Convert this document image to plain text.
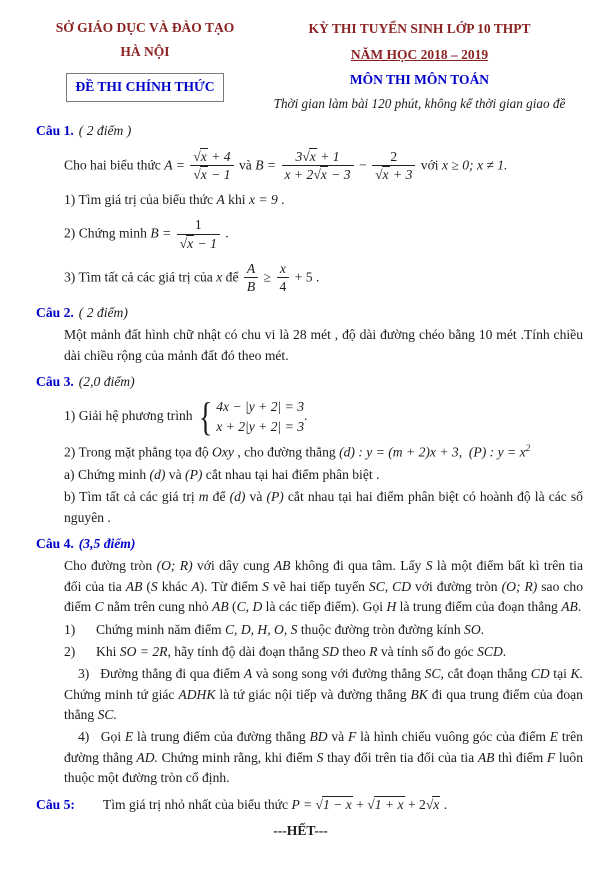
SỞ GIÁO DỤC VÀ ĐÀO TẠO
HÀ NỘI
ĐỀ THI CHÍNH THỨC
KỲ THI TUYỂN SINH LỚP 10 THPT
NĂM HỌC 2018 – 2019
MÔN THI MÔN TOÁN
Thời gian làm bài 120 phút, không kể thời gian giao đề
Câu 1. ( 2 điểm )
Cho hai biểu thức $A = \frac{√x + 4}{√x - 1}$ và $B = \frac{3√x + 1}{x + 2√x - 3} - \frac{2}{√x + 3}$ với x ≥ 0; x ≠ 1.
1) Tìm giá trị của biểu thức A khi x = 9 .
2) Chứng minh $B = \frac{1}{√x - 1}$ .
3) Tìm tất cả các giá trị của x để $\frac{A}{B} \ge \frac{x}{4} + 5$ .
Câu 2. ( 2 điểm)
Một mảnh đất hình chữ nhật có chu vi là 28 mét , độ dài đường chéo bằng 10 mét .Tính chiều dài chiều rộng của mảnh đất đó theo mét.
Câu 3. (2,0 điểm)
1) Giải hệ phương trình { 4x − |y + 2| = 3
x + 2|y + 2| = 3
.
2) Trong mặt phẳng tọa độ Oxy , cho đường thẳng (d) : y = (m + 2)x + 3, (P) : $y = x^2$
a) Chứng minh (d) và (P) cắt nhau tại hai điểm phân biệt .
b) Tìm tất cả các giá trị m để (d) và (P) cắt nhau tại hai điểm phân biệt có hoành độ là các số nguyên .
Câu 4. (3,5 điểm)
Cho đường tròn (O; R) với dây cung AB không đi qua tâm. Lấy S là một điểm bất kì trên tia đối của tia AB (S khác A). Từ điểm S vẽ hai tiếp tuyến SC, CD với đường tròn (O; R) sao cho điểm C nằm trên cung nhỏ AB (C, D là các tiếp điểm). Gọi H là trung điểm của đoạn thẳng AB.
1) Chứng minh năm điểm C, D, H, O, S thuộc đường tròn đường kính SO.
2) Khi SO = 2R, hãy tính độ dài đoạn thẳng SD theo R và tính số đo góc SCD.
3)   Đường thẳng đi qua điểm A và song song với đường thẳng SC, cắt đoạn thẳng CD tại K. Chứng minh tứ giác ADHK là tứ giác nội tiếp và đường thẳng BK đi qua trung điểm của đoạn thẳng SC.
4)   Gọi E là trung điểm của đường thẳng BD và F là hình chiếu vuông góc của điểm E trên đường thẳng AD. Chứng minh rằng, khi điểm S thay đổi trên tia đối của tia AB thì điểm F luôn thuộc một đường tròn cố định.
Câu 5: Tìm giá trị nhỏ nhất của biểu thức P = √1 − x + √1 + x + 2√x .
---HẾT---
